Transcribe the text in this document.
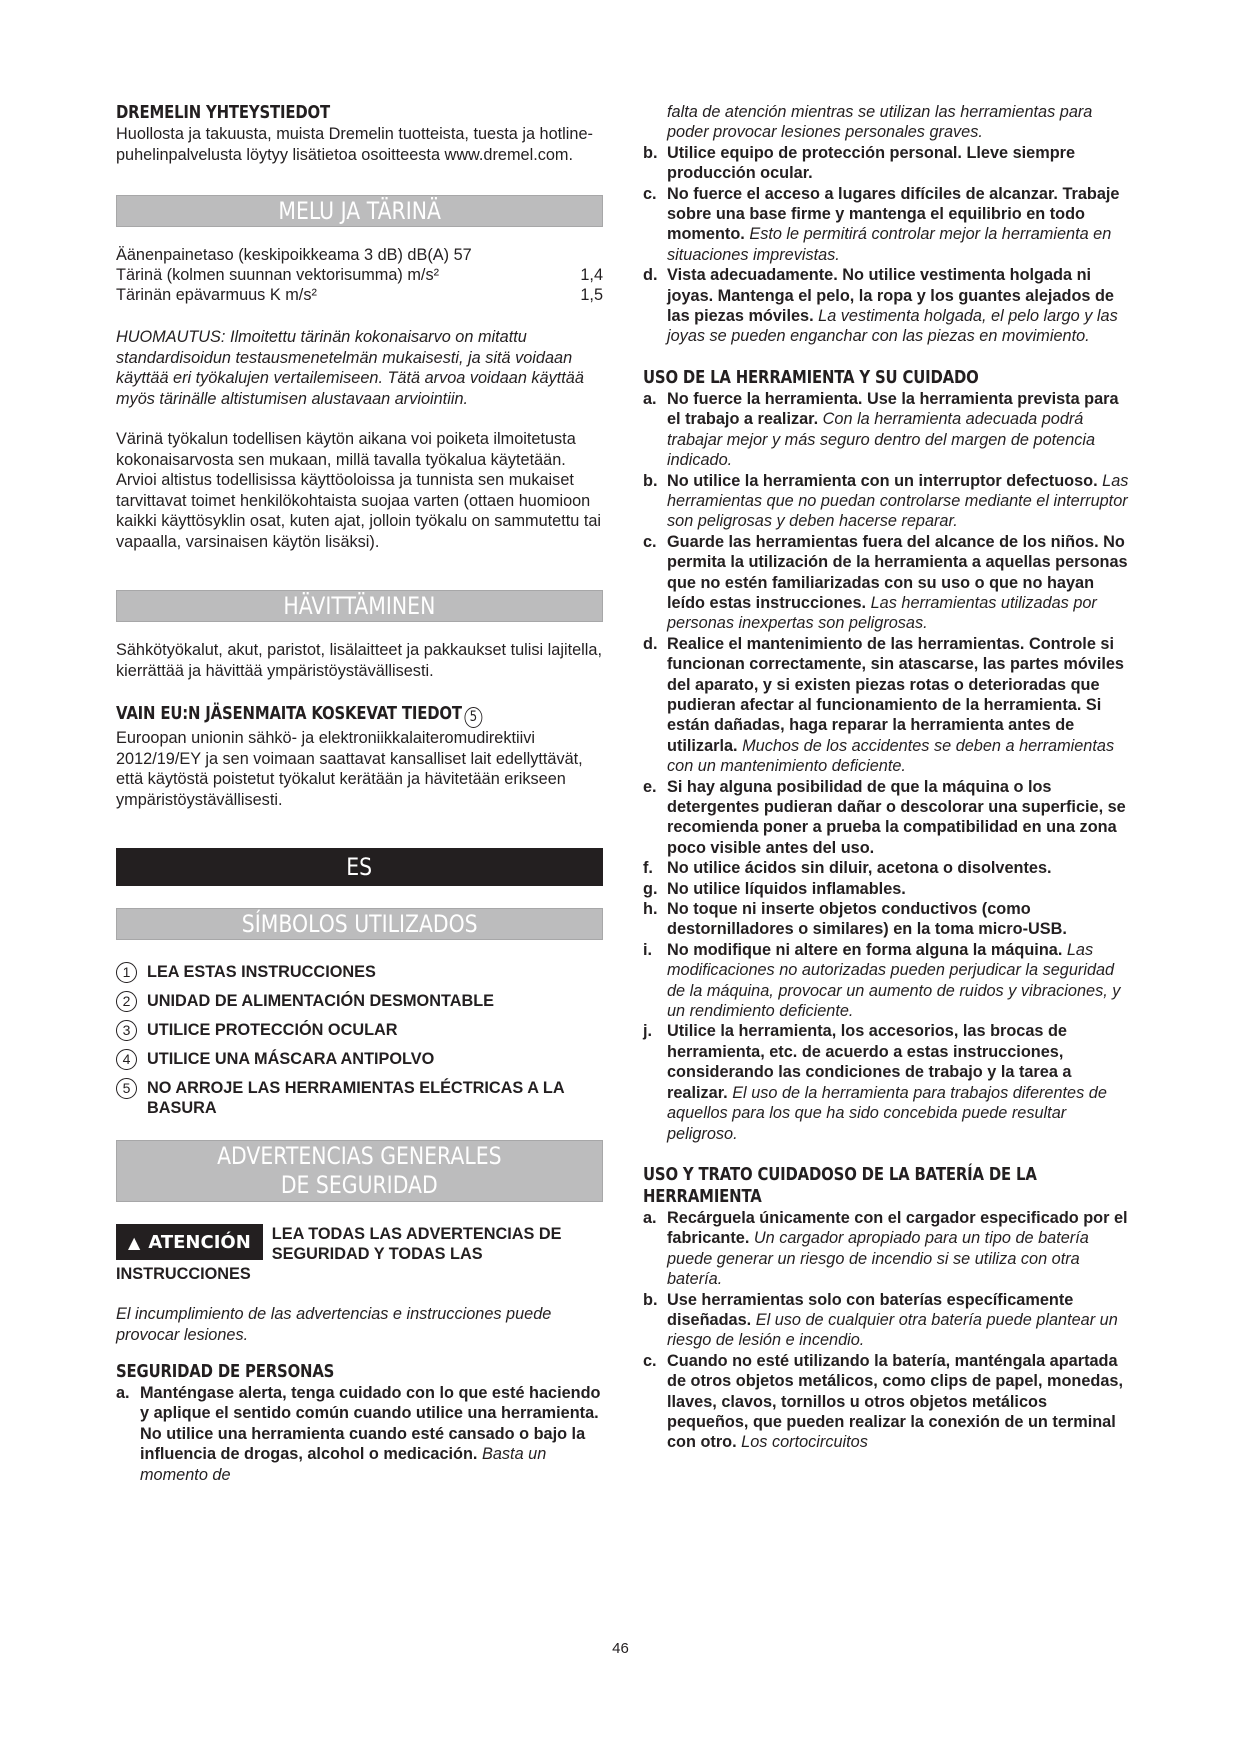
DREMELIN YHTEYSTIEDOT
Huollosta ja takuusta, muista Dremelin tuotteista, tuesta ja hotline-puhelinpalvelusta löytyy lisätietoa osoitteesta www.dremel.com.
MELU JA TÄRINÄ
Äänenpainetaso (keskipoikkeama 3 dB) dB(A) 57
Tärinä (kolmen suunnan vektorisumma) m/s²	1,4
Tärinän epävarmuus K m/s²	1,5
HUOMAUTUS: Ilmoitettu tärinän kokonaisarvo on mitattu standardisoidun testausmenetelmän mukaisesti, ja sitä voidaan käyttää eri työkalujen vertailemiseen. Tätä arvoa voidaan käyttää myös tärinälle altistumisen alustavaan arviointiin.
Värinä työkalun todellisen käytön aikana voi poiketa ilmoitetusta kokonaisarvosta sen mukaan, millä tavalla työkalua käytetään.
Arvioi altistus todellisissa käyttöoloissa ja tunnista sen mukaiset tarvittavat toimet henkilökohtaista suojaa varten (ottaen huomioon kaikki käyttösyklin osat, kuten ajat, jolloin työkalu on sammutettu tai vapaalla, varsinaisen käytön lisäksi).
HÄVITTÄMINEN
Sähkötyökalut, akut, paristot, lisälaitteet ja pakkaukset tulisi lajitella, kierrättää ja hävittää ympäristöystävällisesti.
VAIN EU:N JÄSENMAITA KOSKEVAT TIEDOT 5
Euroopan unionin sähkö- ja elektroniikkalaiteromudirektiivi 2012/19/EY ja sen voimaan saattavat kansalliset lait edellyttävät, että käytöstä poistetut työkalut kerätään ja hävitetään erikseen ympäristöystävällisesti.
ES
SÍMBOLOS UTILIZADOS
1	LEA ESTAS INSTRUCCIONES
2	UNIDAD DE ALIMENTACIÓN DESMONTABLE
3	UTILICE PROTECCIÓN OCULAR
4	UTILICE UNA MÁSCARA ANTIPOLVO
5	NO ARROJE LAS HERRAMIENTAS ELÉCTRICAS A LA BASURA
ADVERTENCIAS GENERALES
DE SEGURIDAD
▲ ATENCIÓN LEA TODAS LAS ADVERTENCIAS DE SEGURIDAD Y TODAS LAS
INSTRUCCIONES
El incumplimiento de las advertencias e instrucciones puede provocar lesiones.
SEGURIDAD DE PERSONAS
a. Manténgase alerta, tenga cuidado con lo que esté haciendo y aplique el sentido común cuando utilice una herramienta. No utilice una herramienta cuando esté cansado o bajo la influencia de drogas, alcohol o medicación. Basta un momento de
falta de atención mientras se utilizan las herramientas para poder provocar lesiones personales graves.
b. Utilice equipo de protección personal. Lleve siempre producción ocular.
c. No fuerce el acceso a lugares difíciles de alcanzar. Trabaje sobre una base firme y mantenga el equilibrio en todo momento. Esto le permitirá controlar mejor la herramienta en situaciones imprevistas.
d. Vista adecuadamente. No utilice vestimenta holgada ni joyas. Mantenga el pelo, la ropa y los guantes alejados de las piezas móviles. La vestimenta holgada, el pelo largo y las joyas se pueden enganchar con las piezas en movimiento.
USO DE LA HERRAMIENTA Y SU CUIDADO
a. No fuerce la herramienta. Use la herramienta prevista para el trabajo a realizar. Con la herramienta adecuada podrá trabajar mejor y más seguro dentro del margen de potencia indicado.
b. No utilice la herramienta con un interruptor defectuoso. Las herramientas que no puedan controlarse mediante el interruptor son peligrosas y deben hacerse reparar.
c. Guarde las herramientas fuera del alcance de los niños. No permita la utilización de la herramienta a aquellas personas que no estén familiarizadas con su uso o que no hayan leído estas instrucciones. Las herramientas utilizadas por personas inexpertas son peligrosas.
d. Realice el mantenimiento de las herramientas. Controle si funcionan correctamente, sin atascarse, las partes móviles del aparato, y si existen piezas rotas o deterioradas que pudieran afectar al funcionamiento de la herramienta. Si están dañadas, haga reparar la herramienta antes de utilizarla. Muchos de los accidentes se deben a herramientas con un mantenimiento deficiente.
e. Si hay alguna posibilidad de que la máquina o los detergentes pudieran dañar o descolorar una superficie, se recomienda poner a prueba la compatibilidad en una zona poco visible antes del uso.
f. No utilice ácidos sin diluir, acetona o disolventes.
g. No utilice líquidos inflamables.
h. No toque ni inserte objetos conductivos (como destornilladores o similares) en la toma micro-USB.
i. No modifique ni altere en forma alguna la máquina. Las modificaciones no autorizadas pueden perjudicar la seguridad de la máquina, provocar un aumento de ruidos y vibraciones, y un rendimiento deficiente.
j. Utilice la herramienta, los accesorios, las brocas de herramienta, etc. de acuerdo a estas instrucciones, considerando las condiciones de trabajo y la tarea a realizar. El uso de la herramienta para trabajos diferentes de aquellos para los que ha sido concebida puede resultar peligroso.
USO Y TRATO CUIDADOSO DE LA BATERÍA DE LA HERRAMIENTA
a. Recárguela únicamente con el cargador especificado por el fabricante. Un cargador apropiado para un tipo de batería puede generar un riesgo de incendio si se utiliza con otra batería.
b. Use herramientas solo con baterías específicamente diseñadas. El uso de cualquier otra batería puede plantear un riesgo de lesión e incendio.
c. Cuando no esté utilizando la batería, manténgala apartada de otros objetos metálicos, como clips de papel, monedas, llaves, clavos, tornillos u otros objetos metálicos pequeños, que pueden realizar la conexión de un terminal con otro. Los cortocircuitos
46
